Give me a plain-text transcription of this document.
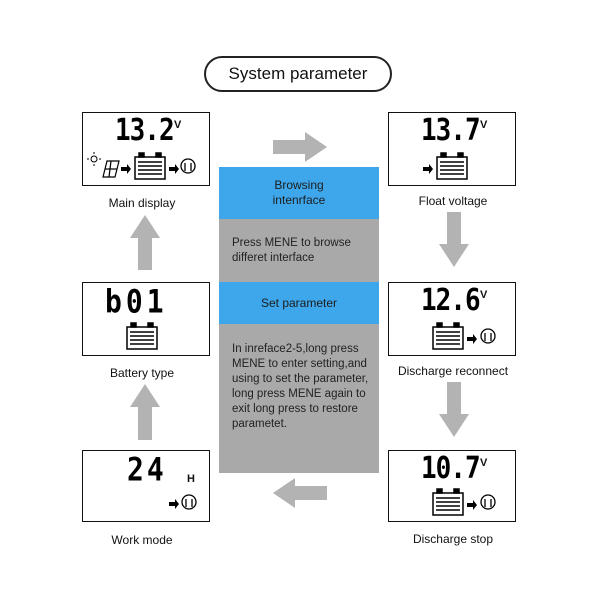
System parameter
Browsing intenrface
Press MENE to browse differet interface
Set parameter
In inreface2-5,long press MENE to enter setting,and using to set the parameter, long press MENE again to exit long press to restore parametet.
13.2 V
Main display
b01
Battery type
24 H
Work mode
13.7 V
Float voltage
12.6 V
Discharge reconnect
10.7 V
Discharge stop
